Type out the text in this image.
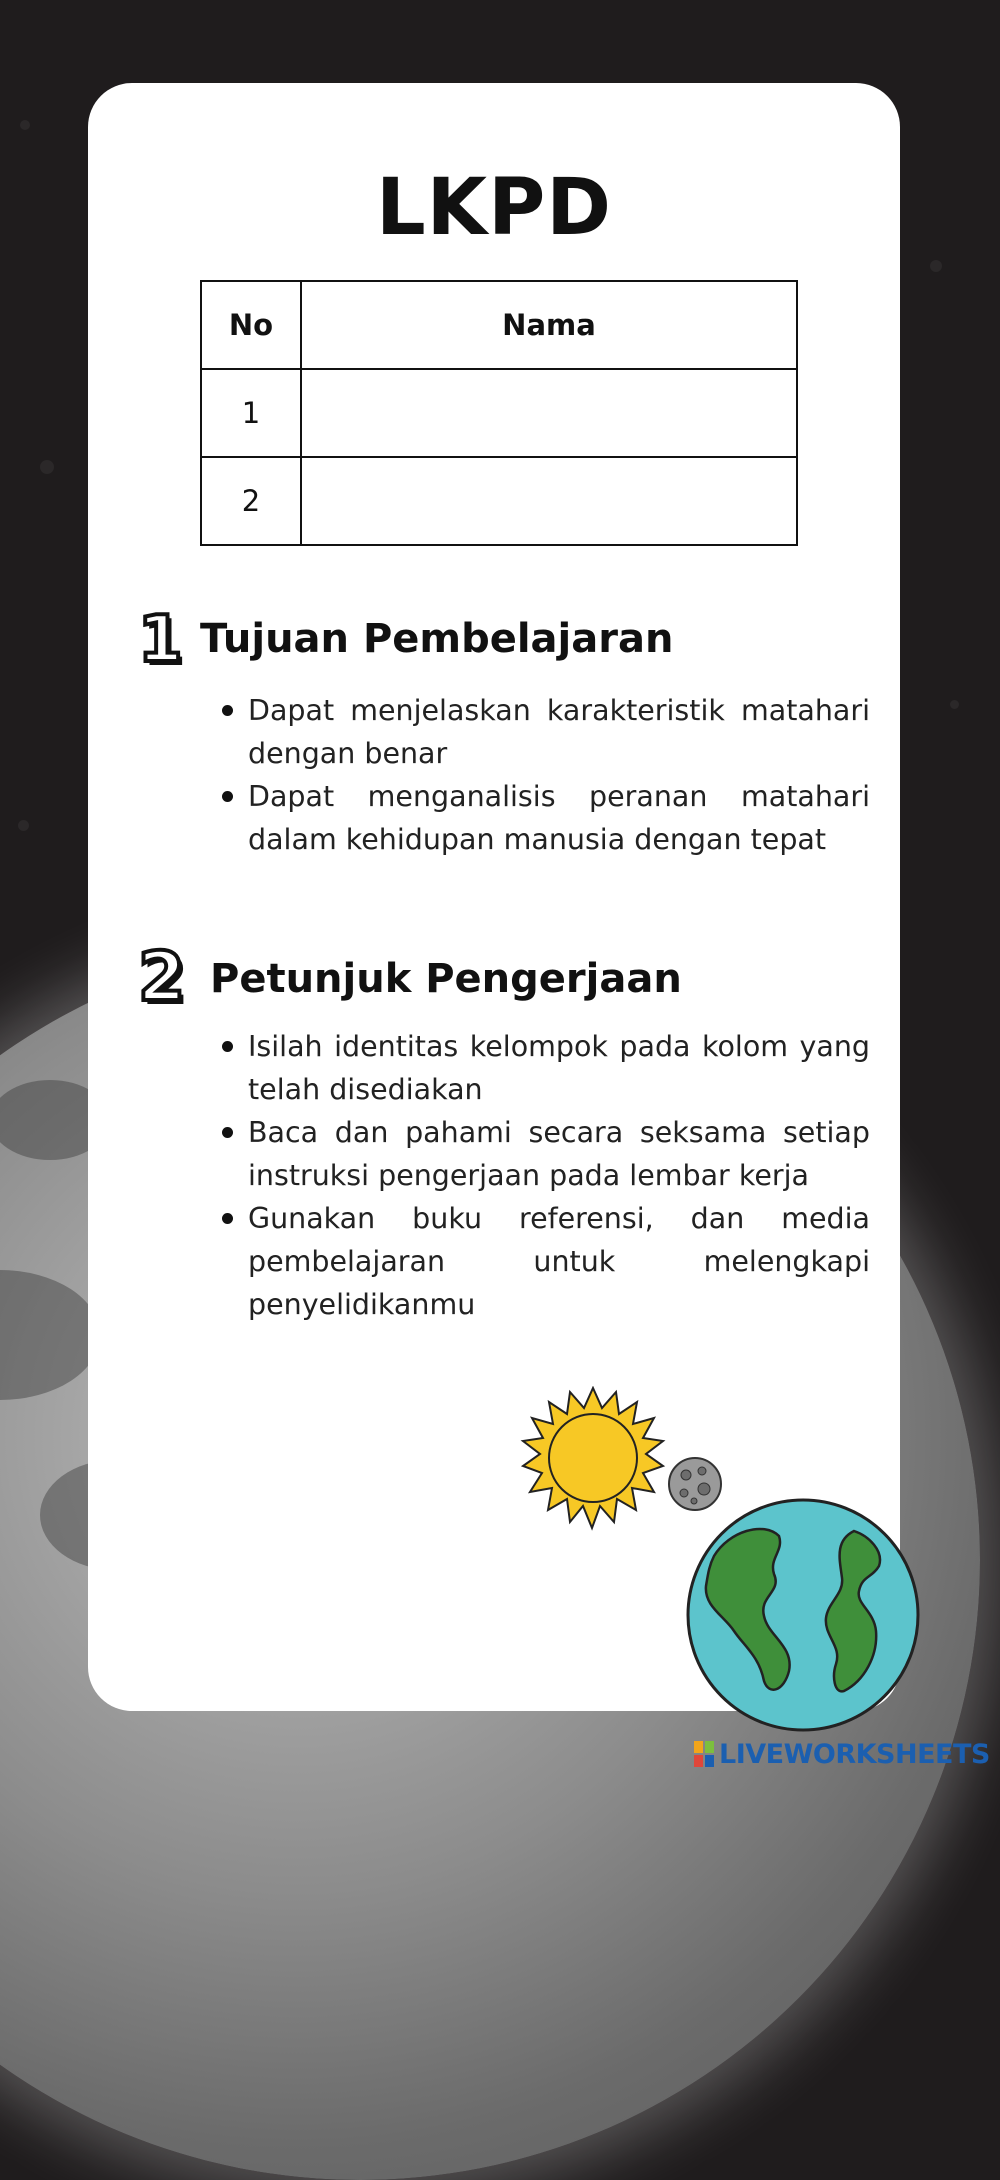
LKPD
No	Nama
1	
2	
1 Tujuan Pembelajaran
Dapat menjelaskan karakteristik matahari dengan benar
Dapat menganalisis peranan matahari dalam kehidupan manusia dengan tepat
2 Petunjuk Pengerjaan
Isilah identitas kelompok pada kolom yang telah disediakan
Baca dan pahami secara seksama setiap instruksi pengerjaan pada lembar kerja
Gunakan buku referensi, dan media pembelajaran untuk melengkapi penyelidikanmu
LIVEWORKSHEETS
